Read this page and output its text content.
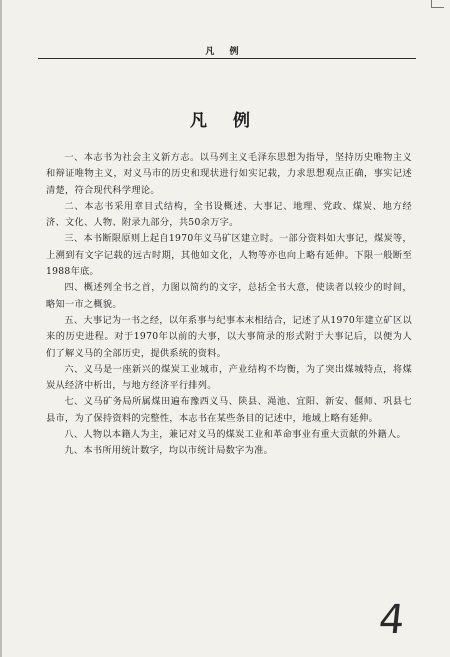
凡 例
凡 例

一、本志书为社会主义新方志。以马列主义毛泽东思想为指导，坚持历史唯物主义和辩证唯物主义，对义马市的历史和现状进行如实记载，力求思想观点正确，事实记述清楚，符合现代科学理论。

二、本志书采用章目式结构，全书设概述、大事记、地理、党政、煤炭、地方经济、文化、人物、附录九部分，共50余万字。

三、本书断限原则上起自1970年义马矿区建立时。一部分资料如大事记，煤炭等，上溯到有文字记载的远古时期，其他如文化，人物等亦也向上略有延伸。下限一般断至1988年底。

四、概述列全书之首，力图以简约的文字，总括全书大意，使读者以较少的时间，略知一市之概貌。

五、大事记为一书之经，以年系事与纪事本末相结合，记述了从1970年建立矿区以来的历史进程。对于1970年以前的大事，以大事简录的形式附于大事记后，以便为人们了解义马的全部历史，提供系统的资料。

六、义马是一座新兴的煤炭工业城市，产业结构不均衡，为了突出煤城特点，将煤炭从经济中析出，与地方经济平行排列。

七、义马矿务局所属煤田遍布豫西义马、陕县、渑池、宜阳、新安、偃师、巩县七县市，为了保持资料的完整性，本志书在某些条目的记述中，地域上略有延伸。

八、人物以本籍人为主，兼记对义马的煤炭工业和革命事业有重大贡献的外籍人。

九、本书所用统计数字，均以市统计局数字为准。

4
